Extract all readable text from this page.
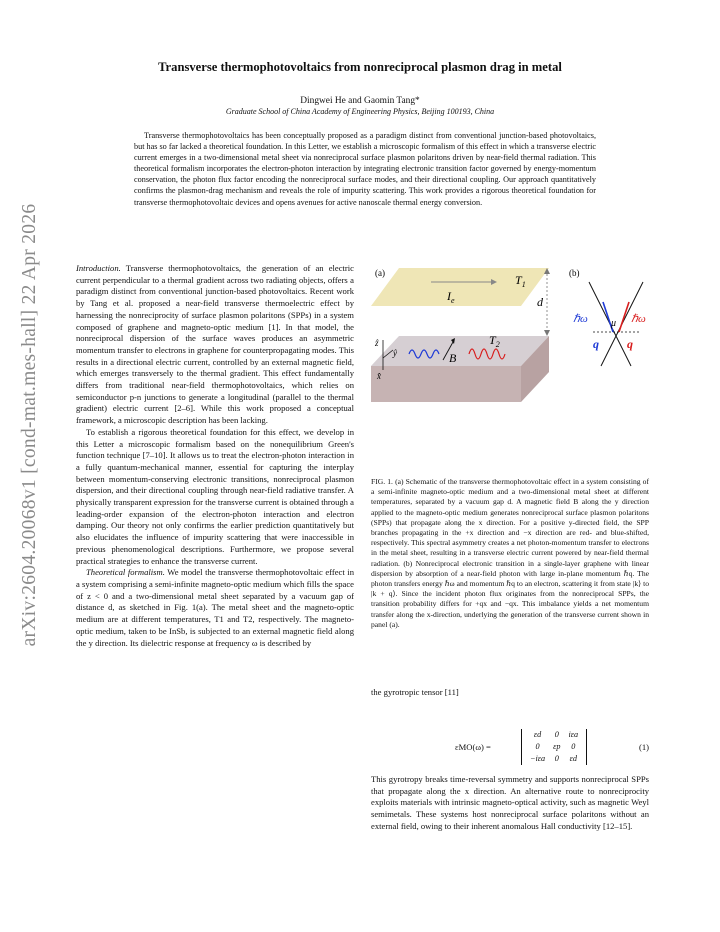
arXiv:2604.20068v1 [cond-mat.mes-hall] 22 Apr 2026
Transverse thermophotovoltaics from nonreciprocal plasmon drag in metal
Dingwei He and Gaomin Tang*
Graduate School of China Academy of Engineering Physics, Beijing 100193, China
Transverse thermophotovoltaics has been conceptually proposed as a paradigm distinct from conventional junction-based photovoltaics, but has so far lacked a theoretical foundation. In this Letter, we establish a microscopic formalism of this effect in which a transverse electric current emerges in a two-dimensional metal sheet via nonreciprocal surface plasmon polaritons driven by near-field thermal radiation. This theoretical formalism incorporates the electron-photon interaction by integrating electronic transition factor governed by energy-momentum conservation, the photon flux factor encoding the nonreciprocal surface modes, and their directional coupling. Our approach quantitatively confirms the plasmon-drag mechanism and reveals the role of impurity scattering. This work provides a rigorous theoretical foundation for transverse thermophotovoltaic devices and opens avenues for active nanoscale thermal energy conversion.

Introduction. Transverse thermophotovoltaics, the generation of an electric current perpendicular to a thermal gradient across two radiating objects, offers a paradigm distinct from conventional junction-based photovoltaics. Recent work by Tang et al. proposed a near-field transverse thermoelectric effect by harnessing the nonreciprocity of surface plasmon polaritons (SPPs) in a system composed of graphene and magneto-optic medium [1]. In that model, the nonreciprocal dispersion of the surface waves produces an asymmetric momentum transfer to electrons in graphene for counterpropagating modes. This results in a directional electric current, controlled by an external magnetic field, which emerges transversely to the thermal gradient. This effect fundamentally differs from traditional near-field thermophotovoltaics, which relies on semiconductor p-n junctions to generate a longitudinal (parallel to the thermal gradient) electric current [2–6]. While this work proposed a conceptual framework, a microscopic description has been lacking.

To establish a rigorous theoretical foundation for this effect, we develop in this Letter a microscopic formalism based on the nonequilibrium Green's function technique [7–10]. It allows us to treat the electron-photon interaction in a fully quantum-mechanical manner, essential for capturing the interplay between momentum-conserving electronic transitions, nonreciprocal plasmon dispersion, and their directional coupling through near-field radiative transfer. A physically transparent expression for the transverse current is obtained through a leading-order expansion of the electron-photon interaction and electron damping. Our theory not only confirms the earlier prediction quantitatively but also elucidates the influence of impurity scattering that were inaccessible in previous phenomenological descriptions. Furthermore, we propose several practical strategies to enhance the transverse current.

Theoretical formalism. We model the transverse thermophotovoltaic effect in a system comprising a semi-infinite magneto-optic medium which fills the space of z < 0 and a two-dimensional metal sheet separated by a vacuum gap of distance d, as sketched in Fig. 1(a). The metal sheet and the magneto-optic medium are at different temperatures, T1 and T2, respectively. The magneto-optic medium, taken to be InSb, is subjected to an external magnetic field along the y direction. Its dielectric response at frequency ω is described by

(a)	$T_1$
$I_e$	d
$T_2$
B
ẑ
ŷ
x̂
(b)
ℏω	ℏω
μ
q q
FIG. 1. (a) Schematic of the transverse thermophotovoltaic effect in a system consisting of a semi-infinite magneto-optic medium and a two-dimensional metal sheet at different temperatures, separated by a vacuum gap d. A magnetic field B along the y direction applied to the magneto-optic medium generates nonreciprocal surface plasmon polaritons (SPPs) that propagate along the x direction. For a positive y-directed field, the SPP branches propagating in the +x direction and −x direction are red- and blue-shifted, respectively. This spectral asymmetry creates a net photon-momentum transfer to electrons in the metal sheet, resulting in a transverse electric current powered by near-field thermal radiation. (b) Nonreciprocal electronic transition in a single-layer graphene with linear dispersion by absorption of a near-field photon with large in-plane momentum ℏq. The photon transfers energy ℏω and momentum ℏq to an electron, scattering it from state |k⟩ to |k + q⟩. Since the incident photon flux originates from the nonreciprocal SPPs, the transition probability differs for +qx and −qx. This imbalance yields a net momentum transfer along the x-direction, underlying the generation of the transverse current shown in panel (a).
the gyrotropic tensor [11]
εMO(ω) =
εd	0	iεa
0	εp	0
−iεa	0	εd
(1)
This gyrotropy breaks time-reversal symmetry and supports nonreciprocal SPPs that propagate along the x direction. An alternative route to nonreciprocity exploits materials with intrinsic magneto-optical activity, such as magnetic Weyl semimetals. These systems host nonreciprocal surface polaritons without an external field, owing to their inherent anomalous Hall conductivity [12–15].
